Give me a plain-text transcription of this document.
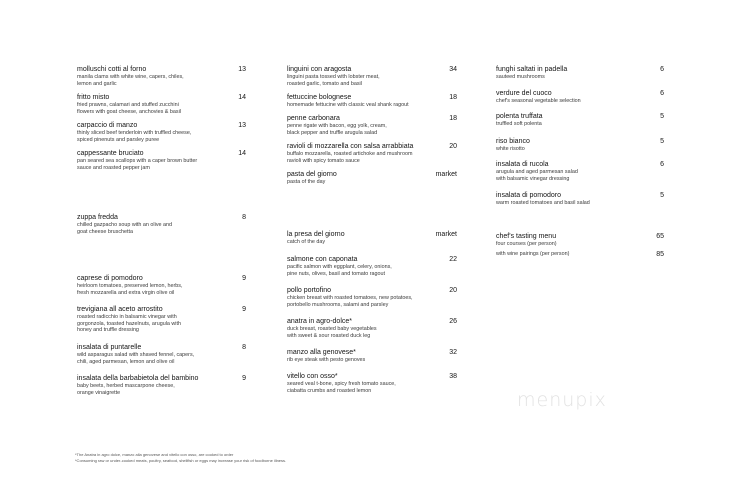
molluschi cotti al forno
manila clams with white wine, capers, chiles,
lemon and garlic
13
fritto misto
fried prawns, calamari and stuffed zucchini
flowers with goat cheese, anchovies & basil
14
carpaccio di manzo
thinly sliced beef tenderloin with truffled cheese,
spiced pinenuts and parsley puree
13
cappessante bruciato
pan seared sea scallops with a caper brown butter
sauce and roasted pepper jam
14
zuppa fredda
chilled gazpacho soup with an olive and
goat cheese bruschetta
8
caprese di pomodoro
heirloom tomatoes, preserved lemon, herbs,
fresh mozzarella and extra virgin olive oil
9
trevigiana all aceto arrostito
roasted radicchio in balsamic vinegar with
gorgonzola, toasted hazelnuts, arugula with
honey and truffle dressing
9
insalata di puntarelle
wild asparagus salad with shaved fennel, capers,
chili, aged parmesan, lemon and olive oil
8
insalata della barbabietola del bambino
baby beets, herbed mascarpone cheese,
orange vinaigrette
9
linguini con aragosta
linguini pasta tossed with lobster meat,
roasted garlic, tomato and basil
34
fettuccine bolognese
homemade fettucine with classic veal shank ragout
18
penne carbonara
penne rigate with bacon, egg yolk, cream,
black pepper and truffle arugula salad
18
ravioli di mozzarella con salsa arrabbiata
buffalo mozzarella, roasted artichoke and mushroom
ravioli with spicy tomato sauce
20
pasta del giorno
pasta of the day
market
la presa del giorno
catch of the day
market
salmone con caponata
pacific salmon with eggplant, celery, onions,
pine nuts, olives, basil and tomato ragout
22
pollo portofino
chicken breast with roasted tomatoes, new potatoes,
portobello mushrooms, salami and parsley
20
anatra in agro-dolce*
duck breast, roasted baby vegetables
with sweet & sour roasted duck leg
26
manzo alla genovese*
rib eye steak with pesto genoves
32
vitello con osso*
seared veal t-bone, spicy fresh tomato sauce,
ciabatta crumbs and roasted lemon
38
funghi saltati in padella
sauteed mushrooms
6
verdure del cuoco
chef's seasonal vegetable selection
6
polenta truffata
truffled soft polenta
5
riso bianco
white risotto
5
insalata di rucola
arugula and aged parmesan salad
with balsamic vinegar dressing
6
insalata di pomodoro
warm roasted tomatoes and basil salad
5
chef's tasting menu
four courses (per person)
65
with wine pairings (per person)	85
*The Anatra in agro dolce, manzo alla genovese and vitello con osso, are cooked to order
*Consuming raw or under-cooked meats, poultry, seafood, shellfish or eggs may increase your risk of foodborne illness.
menupix
